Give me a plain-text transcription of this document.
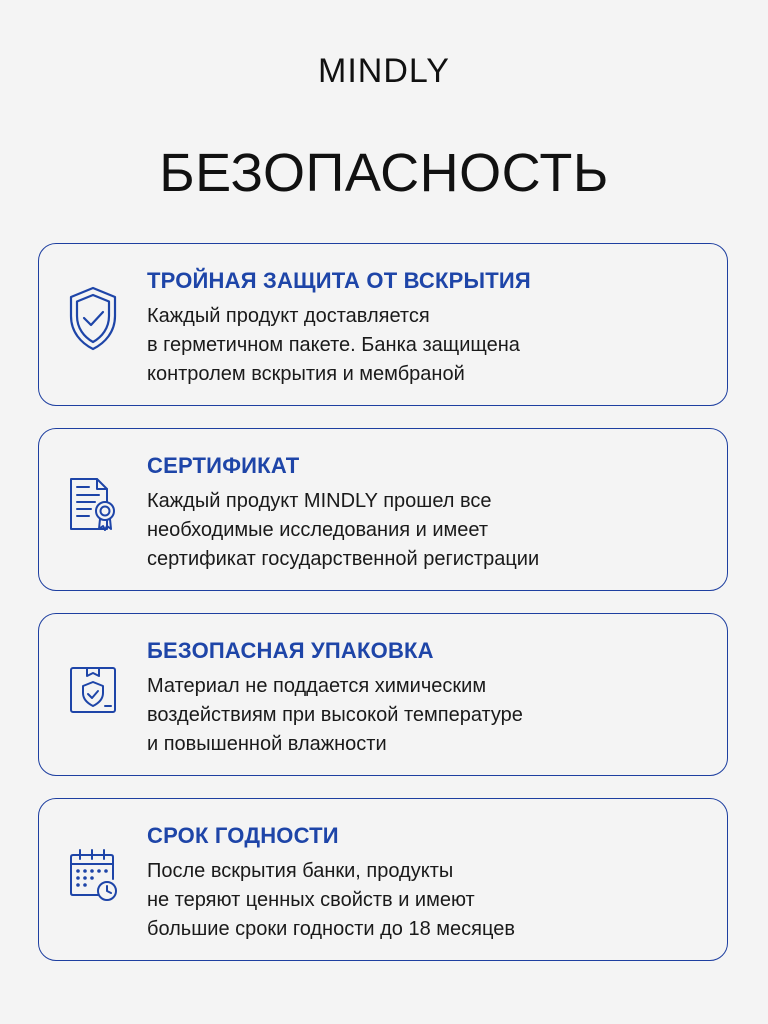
MINDLY
БЕЗОПАСНОСТЬ
ТРОЙНАЯ ЗАЩИТА ОТ ВСКРЫТИЯ
Каждый продукт доставляется
в герметичном пакете. Банка защищена
контролем вскрытия и мембраной
СЕРТИФИКАТ
Каждый продукт MINDLY прошел все
необходимые исследования и имеет
сертификат государственной регистрации
БЕЗОПАСНАЯ УПАКОВКА
Материал не поддается химическим
воздействиям при высокой температуре
и повышенной влажности
СРОК ГОДНОСТИ
После вскрытия банки, продукты
не теряют ценных свойств и имеют
большие сроки годности до 18 месяцев
